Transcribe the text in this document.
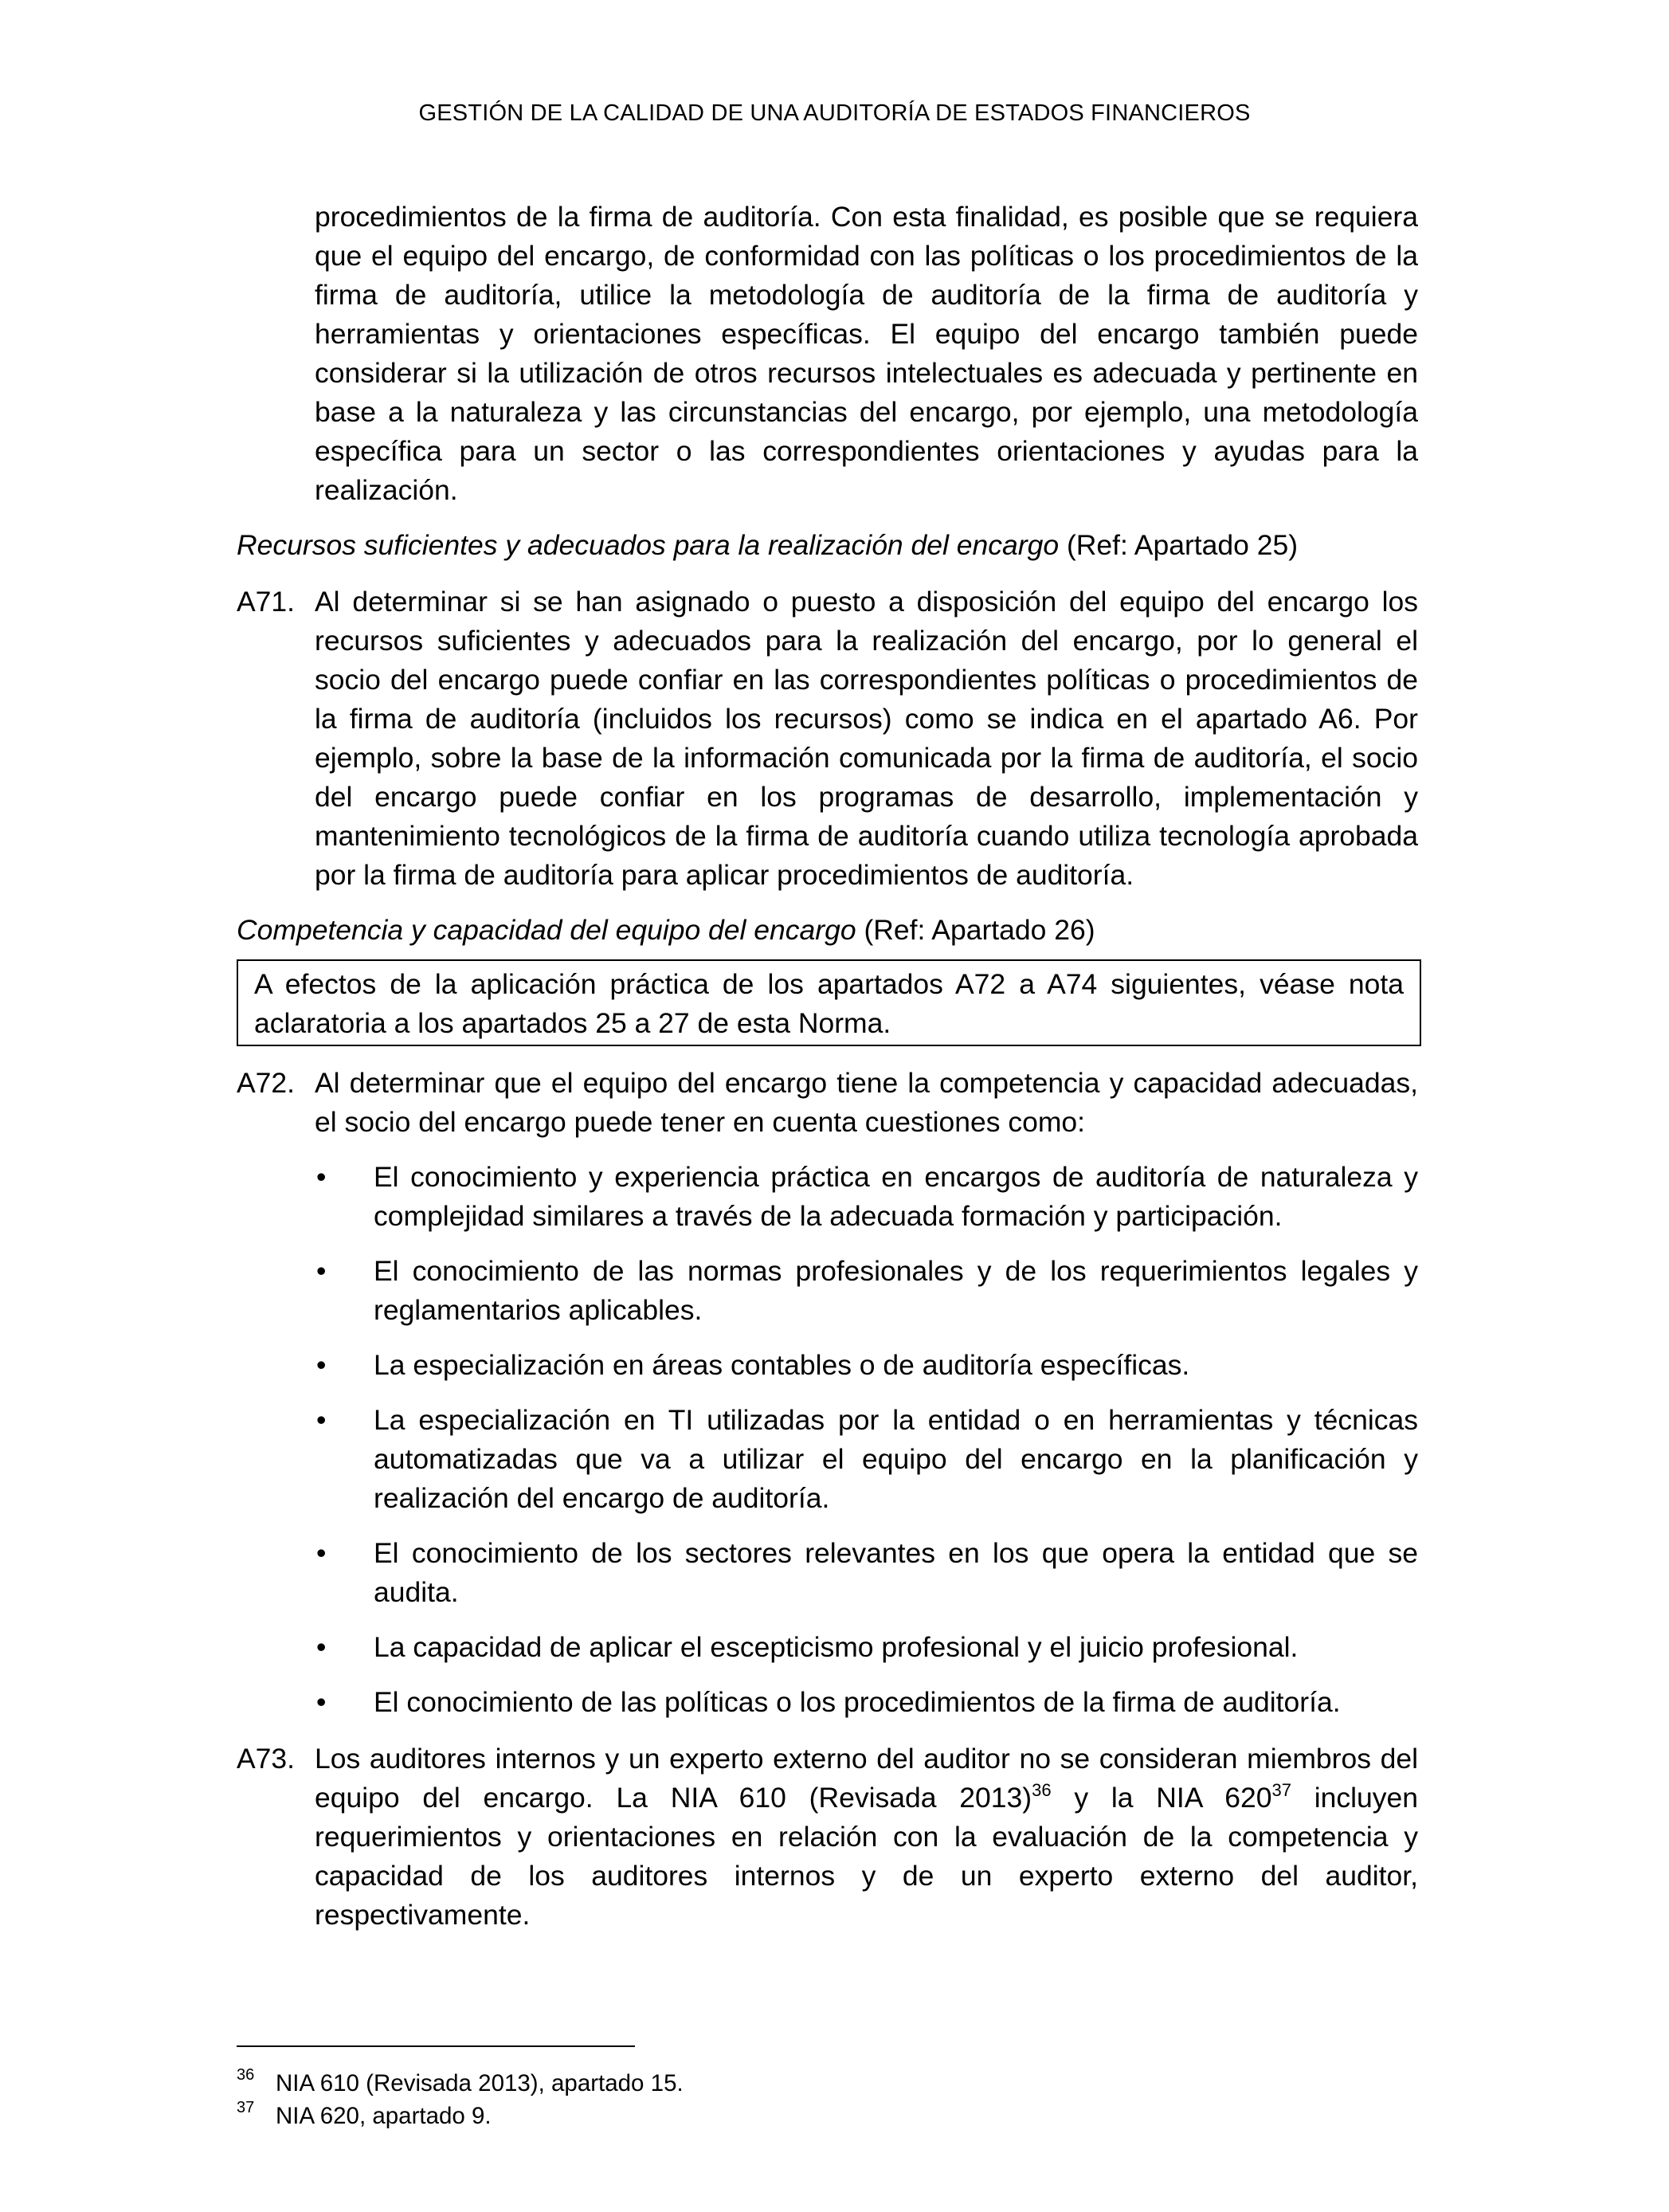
GESTIÓN DE LA CALIDAD DE UNA AUDITORÍA DE ESTADOS FINANCIEROS
procedimientos de la firma de auditoría. Con esta finalidad, es posible que se requiera que el equipo del encargo, de conformidad con las políticas o los procedimientos de la firma de auditoría, utilice la metodología de auditoría de la firma de auditoría y herramientas y orientaciones específicas. El equipo del encargo también puede considerar si la utilización de otros recursos intelectuales es adecuada y pertinente en base a la naturaleza y las circunstancias del encargo, por ejemplo, una metodología específica para un sector o las correspondientes orientaciones y ayudas para la realización.
Recursos suficientes y adecuados para la realización del encargo (Ref: Apartado 25)
A71. Al determinar si se han asignado o puesto a disposición del equipo del encargo los recursos suficientes y adecuados para la realización del encargo, por lo general el socio del encargo puede confiar en las correspondientes políticas o procedimientos de la firma de auditoría (incluidos los recursos) como se indica en el apartado A6. Por ejemplo, sobre la base de la información comunicada por la firma de auditoría, el socio del encargo puede confiar en los programas de desarrollo, implementación y mantenimiento tecnológicos de la firma de auditoría cuando utiliza tecnología aprobada por la firma de auditoría para aplicar procedimientos de auditoría.
Competencia y capacidad del equipo del encargo (Ref: Apartado 26)
A efectos de la aplicación práctica de los apartados A72 a A74 siguientes, véase nota aclaratoria a los apartados 25 a 27 de esta Norma.
A72. Al determinar que el equipo del encargo tiene la competencia y capacidad adecuadas, el socio del encargo puede tener en cuenta cuestiones como:
• El conocimiento y experiencia práctica en encargos de auditoría de naturaleza y complejidad similares a través de la adecuada formación y participación.
• El conocimiento de las normas profesionales y de los requerimientos legales y reglamentarios aplicables.
• La especialización en áreas contables o de auditoría específicas.
• La especialización en TI utilizadas por la entidad o en herramientas y técnicas automatizadas que va a utilizar el equipo del encargo en la planificación y realización del encargo de auditoría.
• El conocimiento de los sectores relevantes en los que opera la entidad que se audita.
• La capacidad de aplicar el escepticismo profesional y el juicio profesional.
• El conocimiento de las políticas o los procedimientos de la firma de auditoría.
A73. Los auditores internos y un experto externo del auditor no se consideran miembros del equipo del encargo. La NIA 610 (Revisada 2013)$^{36}$ y la NIA $620^{37}$ incluyen requerimientos y orientaciones en relación con la evaluación de la competencia y capacidad de los auditores internos y de un experto externo del auditor, respectivamente.
36 NIA 610 (Revisada 2013), apartado 15.
37 NIA 620, apartado 9.
